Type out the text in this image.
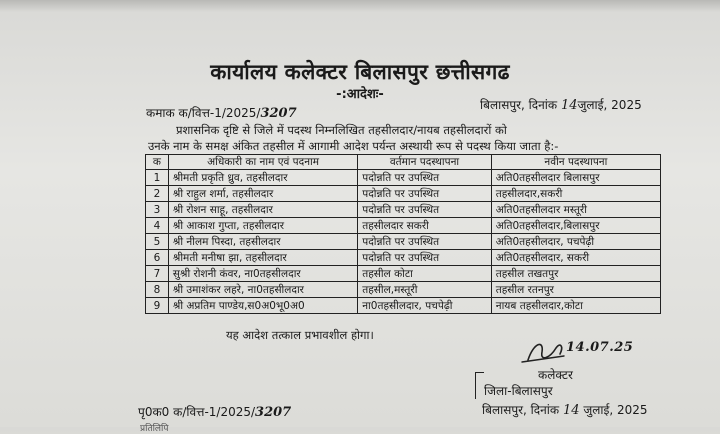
कार्यालय कलेक्टर बिलासपुर छत्तीसगढ
-:आदेशः-
कमाक क/वित्त-1/2025/3207
बिलासपुर, दिनांक 14जुलाई, 2025
प्रशासनिक दृष्टि से जिले में पदस्थ निम्नलिखित तहसीलदार/नायब तहसीलदारों को
उनके नाम के समक्ष अंकित तहसील में आगामी आदेश पर्यन्त अस्थायी रूप से पदस्थ किया जाता है:-
क	अधिकारी का नाम एवं पदनाम	वर्तमान पदस्थापना	नवीन पदस्थापना
1	श्रीमती प्रकृति ध्रुव, तहसीलदार	पदोन्नति पर उपस्थित	अति0तहसीलदार बिलासपुर
2	श्री राहुल शर्मा, तहसीलदार	पदोन्नति पर उपस्थित	तहसीलदार,सकरी
3	श्री रोशन साहू, तहसीलदार	पदोन्नति पर उपस्थित	अति0तहसीलदार मस्तूरी
4	श्री आकाश गुप्ता, तहसीलदार	तहसीलदार सकरी	अति0तहसीलदार,बिलासपुर
5	श्री नीलम पिस्दा, तहसीलदार	पदोन्नति पर उपस्थित	अति0तहसीलदार, पचपेढ़ी
6	श्रीमती मनीषा झा, तहसीलदार	पदोन्नति पर उपस्थित	अति0तहसीलदार, सकरी
7	सुश्री रोशनी कंवर, ना0तहसीलदार	तहसील कोटा	तहसील तखतपुर
8	श्री उमाशंकर लहरे, ना0तहसीलदार	तहसील,मस्तूरी	तहसील रतनपुर
9	श्री अप्रतिम पाण्डेय,स0अ0भू0अ0	ना0तहसीलदार, पचपेढ़ी	नायब तहसीलदार,कोटा
यह आदेश तत्काल प्रभावशील होगा।
14.07.25
कलेक्टर
जिला-बिलासपुर
बिलासपुर, दिनांक 14 जुलाई, 2025
पृ0क0 क/वित्त-1/2025/3207
प्रतिलिपि
